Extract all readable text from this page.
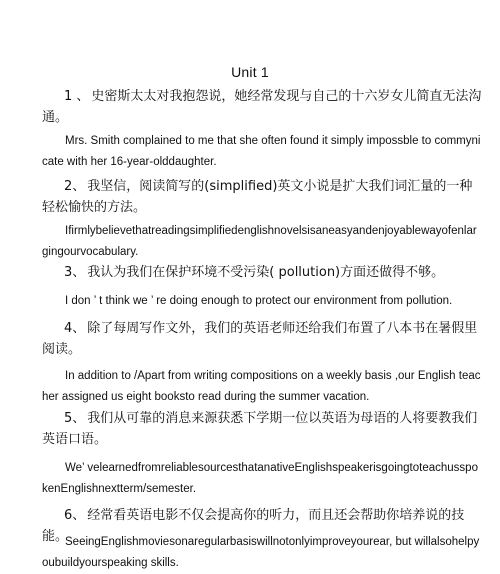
Unit 1
1 、 史密斯太太对我抱怨说，她经常发现与自己的十六岁女儿简直无法沟通。
Mrs. Smith complained to me that she often found it simply impossble to commynicate with her 16-year-olddaughter.
2、 我坚信，阅读简写的(simplified)英文小说是扩大我们词汇量的一种轻松愉快的方法。
Ifirmlybelievethatreadingsimplifiedenglishnovelsisaneasyandenjoyablewayofenlargingourvocabulary.
3、 我认为我们在保护环境不受污染( pollution)方面还做得不够。
I don ’ t think we ’ re doing enough to protect our environment from pollution.
4、 除了每周写作文外，我们的英语老师还给我们布置了八本书在暑假里阅读。
In addition to /Apart from writing compositions on a weekly basis ,our English teacher assigned us eight booksto read during the summer vacation.
5、 我们从可靠的消息来源获悉下学期一位以英语为母语的人将要教我们英语口语。
We’ velearnedfromreliablesourcesthatanativeEnglishspeakerisgoingtoteachusspokenEnglishnextterm/semester.
6、 经常看英语电影不仅会提高你的听力，而且还会帮助你培养说的技能。
SeeingEnglishmoviesonaregularbasiswillnotonlyimproveyourear, but willalsohelpyoubuildyourspeaking skills.
